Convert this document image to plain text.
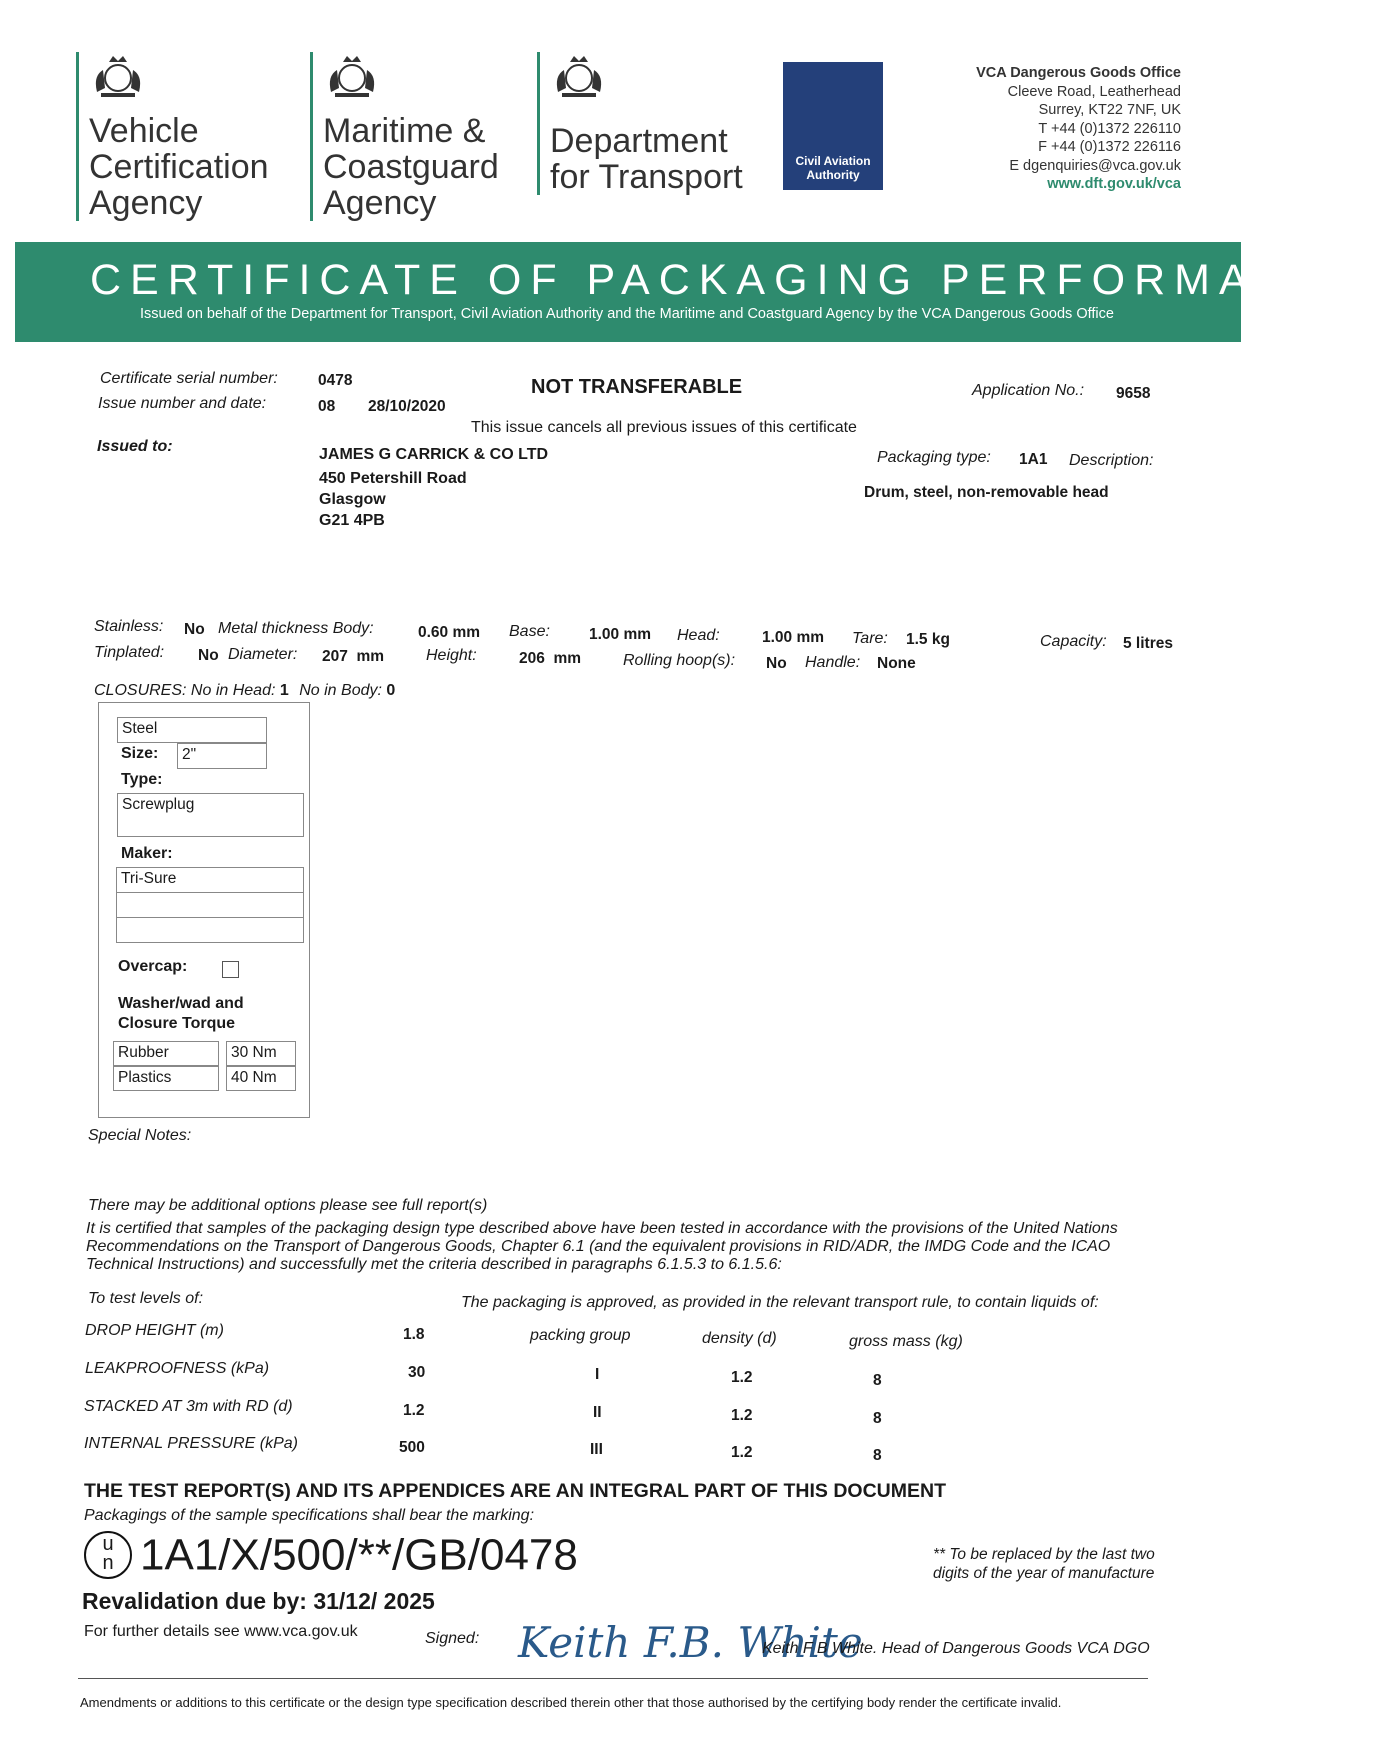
Vehicle
Certification
Agency
Maritime &
Coastguard
Agency
Department
for Transport	Civil Aviation
Authority
VCA Dangerous Goods Office
Cleeve Road, Leatherhead
Surrey, KT22 7NF, UK
T +44 (0)1372 226110
F +44 (0)1372 226116
E dgenquiries@vca.gov.uk
www.dft.gov.uk/vca
CERTIFICATE OF PACKAGING PERFORMANCE
Issued on behalf of the Department for Transport, Civil Aviation Authority and the Maritime and Coastguard Agency by the VCA Dangerous Goods Office
Certificate serial number:	0478
Issue number and date:	08 28/10/2020
NOT TRANSFERABLE
This issue cancels all previous issues of this certificate
Application No.: 9658
Issued to:	JAMES G CARRICK & CO LTD
450 Petershill Road
Glasgow
G21 4PB
Packaging type: 1A1 Description:
Drum, steel, non-removable head
Stainless: No Metal thickness Body:	0.60 mm Base:	1.00 mm Head:	1.00 mm Tare: 1.5 kg	Capacity: 5 litres
Tinplated: No Diameter: 207  mm	Height:	206  mm	Rolling hoop(s): No Handle: None
CLOSURES: No in Head: 1 No in Body: 0
Steel
Size:	2"
Type:
Screwplug
Maker:
Tri-Sure
Overcap:
Washer/wad and
Closure Torque
Rubber	30 Nm
Plastics	40 Nm
Special Notes:
There may be additional options please see full report(s)
It is certified that samples of the packaging design type described above have been tested in accordance with the provisions of the United Nations
Recommendations on the Transport of Dangerous Goods, Chapter 6.1 (and the equivalent provisions in RID/ADR, the IMDG Code and the ICAO
Technical Instructions) and successfully met the criteria described in paragraphs 6.1.5.3 to 6.1.5.6:
To test levels of:	The packaging is approved, as provided in the relevant transport rule, to contain liquids of:
DROP HEIGHT (m)	1.8
LEAKPROOFNESS (kPa)	30
STACKED AT 3m with RD (d)	1.2
INTERNAL PRESSURE (kPa)	500
packing group	density (d)	gross mass (kg)
I	1.2	8
II	1.2	8
III	1.2	8
THE TEST REPORT(S) AND ITS APPENDICES ARE AN INTEGRAL PART OF THIS DOCUMENT
Packagings of the sample specifications shall bear the marking:
u
n 1A1/X/500/**/GB/0478	** To be replaced by the last two
digits of the year of manufacture
Revalidation due by: 31/12/ 2025
For further details see www.vca.gov.uk	Signed: Keith F.B. White
Keith F B White. Head of Dangerous Goods VCA DGO
Amendments or additions to this certificate or the design type specification described therein other that those authorised by the certifying body render the certificate invalid.
